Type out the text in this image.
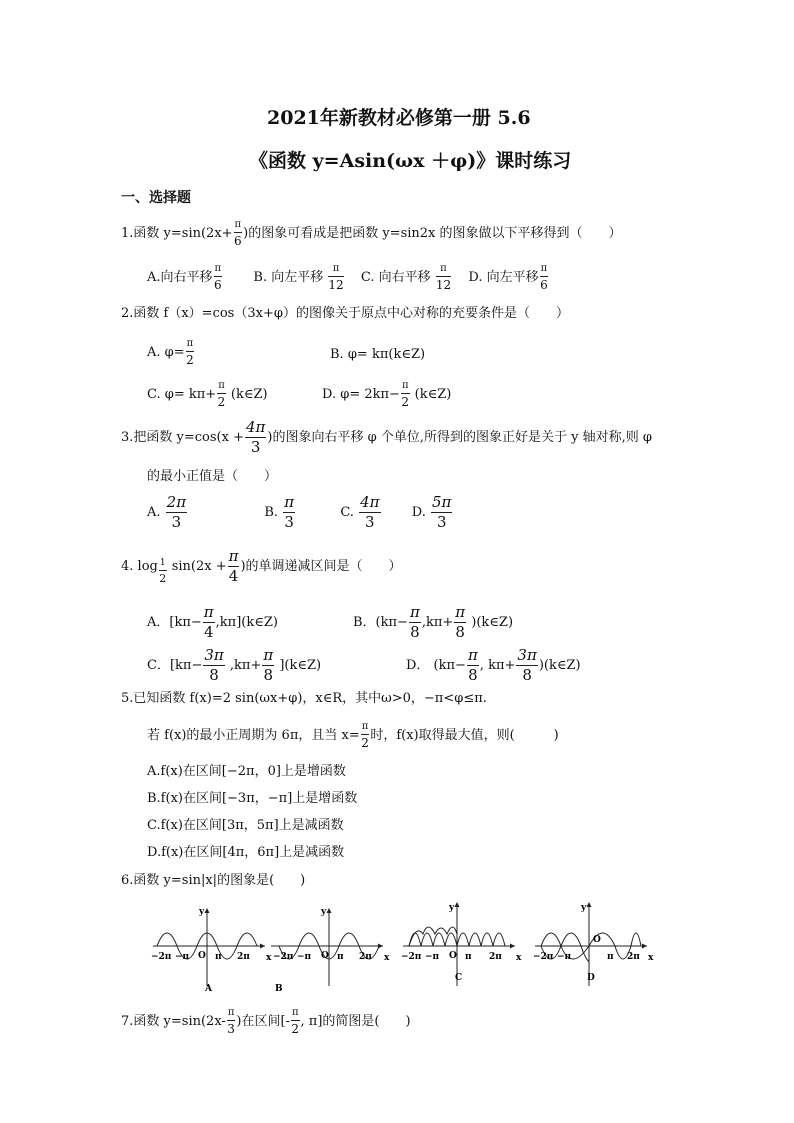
2021年新教材必修第一册 5.6
《函数 y=Asin(ωx ＋φ)》课时练习
一、选择题
1.函数 $y=\sin(2x+ \frac{\pi}{6}$ )的图象可看成是把函数 y=sin2x 的图象做以下平移得到（　　）
A.向右平移 $\frac{\pi}{6} B$. 向左平移 $\frac{\pi}{12} C$. 向右平移 $\frac{\pi}{12} D$. 向左平移 $\frac{\pi}{6}$
2.函数 f（x）=cos（3x+φ）的图像关于原点中心对称的充要条件是（　　）
A. $\varphi= \frac{\pi}{2}$	B. φ= kπ(k∈Z)
C. $\varphi= k\pi+ \frac{\pi}{2}$ (k∈Z)	D. $\varphi= 2k\pi- \frac{\pi}{2}$ (k∈Z)
3.把函数 $y=\cos(x + \frac{4\pi}{3}$ )的图象向右平移 φ 个单位,所得到的图象正好是关于 y 轴对称,则 φ
的最小正值是（　　）
A. $\frac{2\pi}{3}$	B. $\frac{\pi}{3}$	C. $\frac{4\pi}{3} D$. $\frac{5\pi}{3}$
4. $\log \frac{1}{2} \sin(2x + \frac{\pi}{4}$ )的单调递减区间是（　　）
A．[$k\pi- \frac{\pi}{4}$ ,kπ](k∈Z)	B．($k\pi- \frac{\pi}{8} ,k\pi+ \frac{\pi}{8}$ )(k∈Z)
C．[$k\pi- \frac{3\pi}{8} ,k\pi+ \frac{\pi}{8}$ ](k∈Z)	D． ($k\pi- \frac{\pi}{8}$ , $k\pi+ \frac{3\pi}{8}$ )(k∈Z)
5.已知函数 f(x)=2 sin(ωx+φ)，x∈R，其中ω>0，−π<φ≤π.
若 f(x)的最小正周期为 6π，且当 $x= \frac{\pi}{2}$ 时，f(x)取得最大值，则(　　　)
A.f(x)在区间[−2π，0]上是增函数
B.f(x)在区间[−3π，−π]上是增函数
C.f(x)在区间[3π，5π]上是减函数
D.f(x)在区间[4π，6π]上是减函数
6.函数 y=sin|x|的图象是(　　)
y
x
O
−2π −π	π 2π
A
y
x
O
−2π −π	π 2π
B
y
x
O
−2π −π	π 2π
C
y
x
O
−2π −π	π 2π
D
7.函数 $y=\sin(2x- \frac{\pi}{3}$ )在区间[- $\frac{\pi}{2}$ , π]的简图是(　　)
